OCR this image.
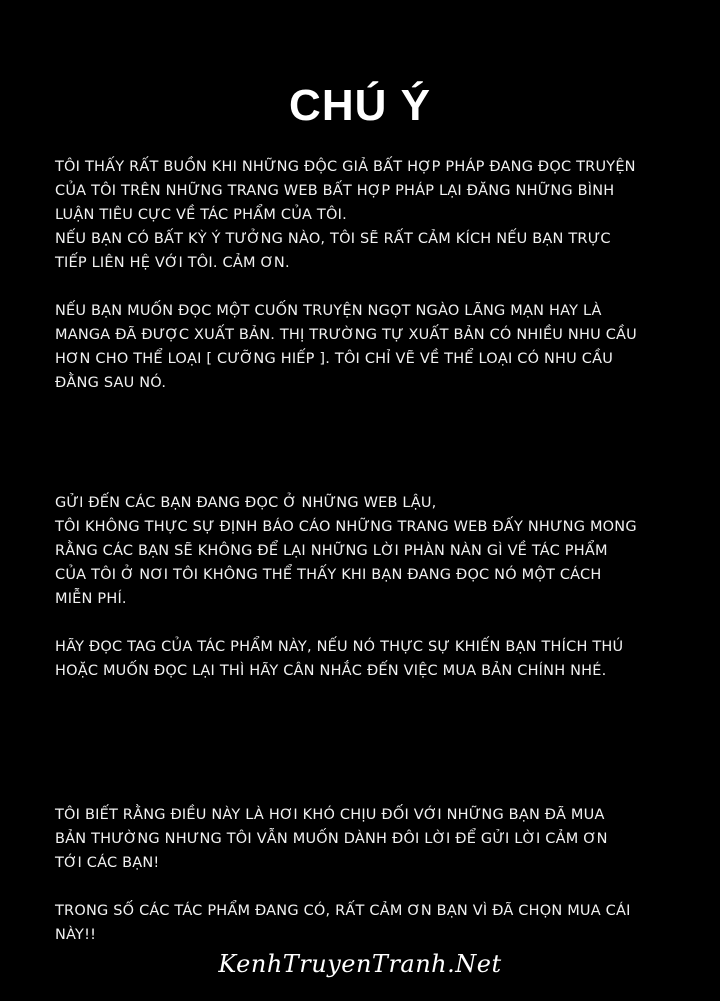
CHÚ Ý

TÔI THẤY RẤT BUỒN KHI NHỮNG ĐỘC GIẢ BẤT HỢP PHÁP ĐANG ĐỌC TRUYỆN
CỦA TÔI TRÊN NHỮNG TRANG WEB BẤT HỢP PHÁP LẠI ĐĂNG NHỮNG BÌNH
LUẬN TIÊU CỰC VỀ TÁC PHẨM CỦA TÔI.
NẾU BẠN CÓ BẤT KỲ Ý TƯỞNG NÀO, TÔI SẼ RẤT CẢM KÍCH NẾU BẠN TRỰC
TIẾP LIÊN HỆ VỚI TÔI. CẢM ƠN.

NẾU BẠN MUỐN ĐỌC MỘT CUỐN TRUYỆN NGỌT NGÀO LÃNG MẠN HAY LÀ
MANGA ĐÃ ĐƯỢC XUẤT BẢN. THỊ TRƯỜNG TỰ XUẤT BẢN CÓ NHIỀU NHU CẦU
HƠN CHO THỂ LOẠI [ CƯỠNG HIẾP ]. TÔI CHỈ VẼ VỀ THỂ LOẠI CÓ NHU CẦU
ĐẰNG SAU NÓ.

GỬI ĐẾN CÁC BẠN ĐANG ĐỌC Ở NHỮNG WEB LẬU,
TÔI KHÔNG THỰC SỰ ĐỊNH BÁO CÁO NHỮNG TRANG WEB ĐẤY NHƯNG MONG
RẰNG CÁC BẠN SẼ KHÔNG ĐỂ LẠI NHỮNG LỜI PHÀN NÀN GÌ VỀ TÁC PHẨM
CỦA TÔI Ở NƠI TÔI KHÔNG THỂ THẤY KHI BẠN ĐANG ĐỌC NÓ MỘT CÁCH
MIỄN PHÍ.

HÃY ĐỌC TAG CỦA TÁC PHẨM NÀY, NẾU NÓ THỰC SỰ KHIẾN BẠN THÍCH THÚ
HOẶC MUỐN ĐỌC LẠI THÌ HÃY CÂN NHẮC ĐẾN VIỆC MUA BẢN CHÍNH NHÉ.

TÔI BIẾT RẰNG ĐIỀU NÀY LÀ HƠI KHÓ CHỊU ĐỐI VỚI NHỮNG BẠN ĐÃ MUA
BẢN THƯỜNG NHƯNG TÔI VẪN MUỐN DÀNH ĐÔI LỜI ĐỂ GỬI LỜI CẢM ƠN
TỚI CÁC BẠN!

TRONG SỐ CÁC TÁC PHẨM ĐANG CÓ, RẤT CẢM ƠN BẠN VÌ ĐÃ CHỌN MUA CÁI
NÀY!!

KenhTruyenTranh.Net
